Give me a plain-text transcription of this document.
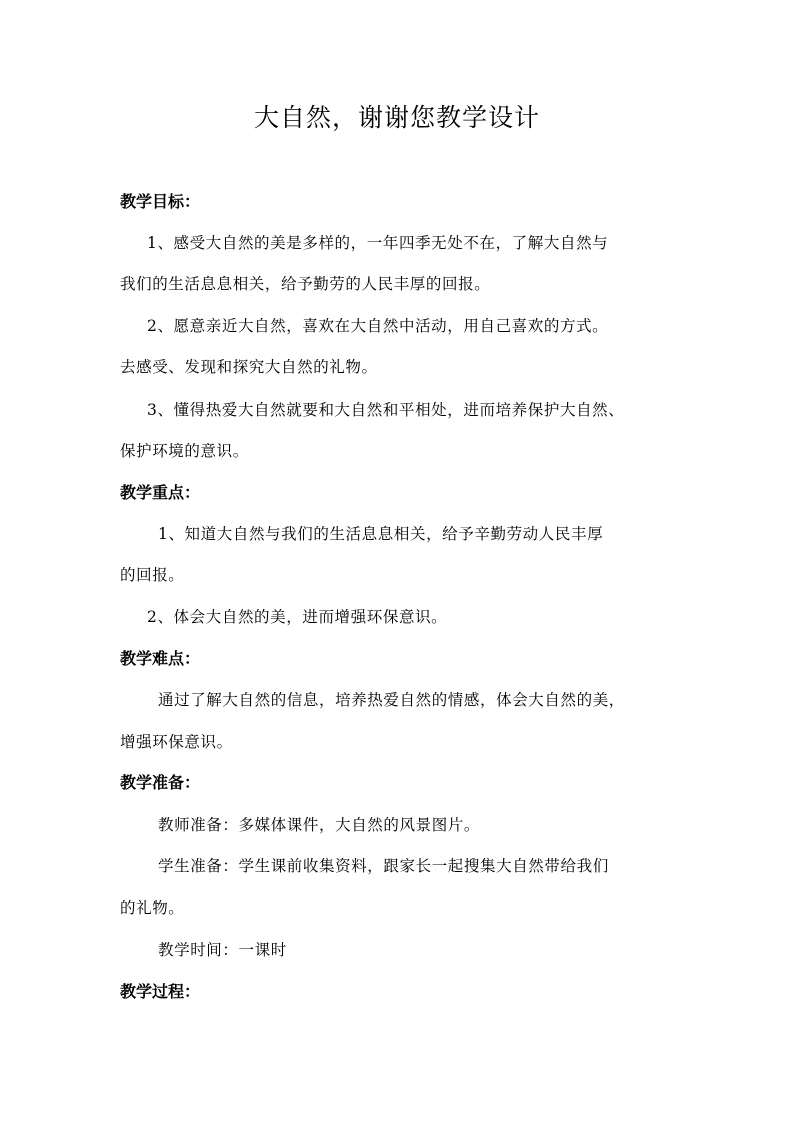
大自然，谢谢您教学设计
教学目标：
1、感受大自然的美是多样的，一年四季无处不在，了解大自然与
我们的生活息息相关，给予勤劳的人民丰厚的回报。
2、愿意亲近大自然，喜欢在大自然中活动，用自己喜欢的方式。
去感受、发现和探究大自然的礼物。
3、懂得热爱大自然就要和大自然和平相处，进而培养保护大自然、
保护环境的意识。
教学重点：
1、知道大自然与我们的生活息息相关，给予辛勤劳动人民丰厚
的回报。
2、体会大自然的美，进而增强环保意识。
教学难点：
通过了解大自然的信息，培养热爱自然的情感，体会大自然的美，
增强环保意识。
教学准备：
教师准备：多媒体课件，大自然的风景图片。
学生准备：学生课前收集资料，跟家长一起搜集大自然带给我们
的礼物。
教学时间：一课时
教学过程：
